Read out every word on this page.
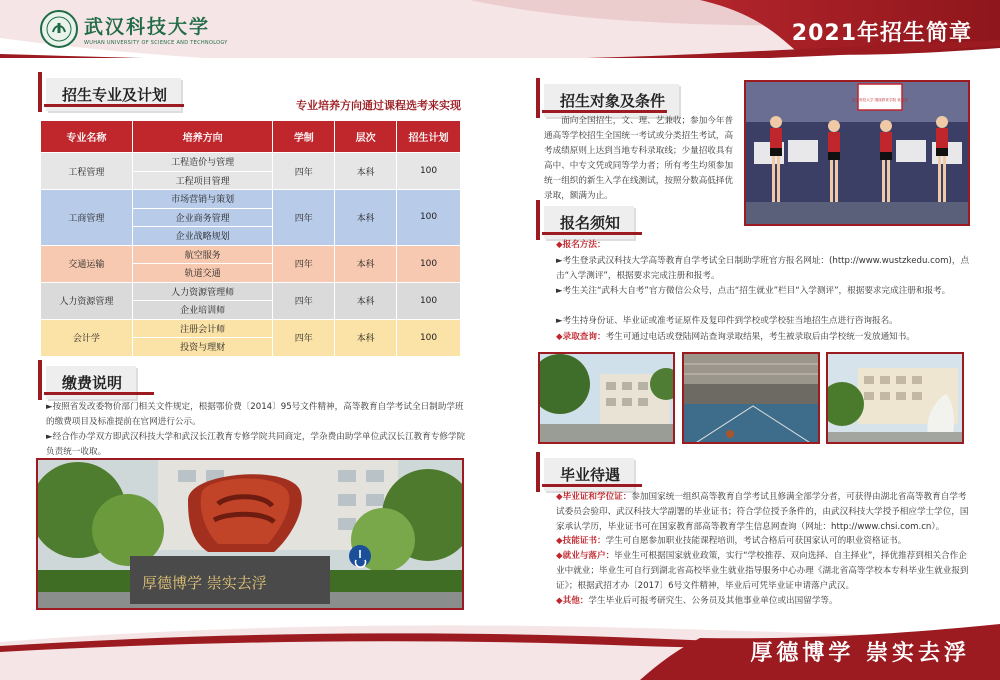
武汉科技大学
WUHAN UNIVERSITY OF SCIENCE AND TECHNOLOGY	2021年招生简章
招生专业及计划
专业培养方向通过课程选考来实现
专业名称	培养方向	学制	层次	招生计划
工程管理	工程造价与管理	四年	本科	100
	工程项目管理			
工商管理	市场营销与策划	四年	本科	100
	企业商务管理			
	企业战略规划			
交通运输	航空服务	四年	本科	100
	轨道交通			
人力资源管理	人力资源管理师	四年	本科	100
	企业培训师			
会计学	注册会计师	四年	本科	100
	投资与理财			
缴费说明
►按照省发改委物价部门相关文件规定，根据鄂价费〔2014〕95号文件精神，高等教育自学考试全日制助学班的缴费项目及标准提前在官网进行公示。
►经合作办学双方即武汉科技大学和武汉长江教育专修学院共同商定，学杂费由助学单位武汉长江教育专修学院负责统一收取。
厚德博学 崇实去浮
招生对象及条件
面向全国招生，文、理、艺兼收；参加今年普通高等学校招生全国统一考试或分类招生考试，高考成绩原则上达到当地专科录取线；少量招收具有高中、中专文凭或同等学力者；所有考生均须参加统一组织的新生入学在线测试，按照分数高低择优录取，额满为止。
武汉科技大学 继续教育学院 欢迎您
报名须知
◆报名方法：
►考生登录武汉科技大学高等教育自学考试全日制助学班官方报名网址：(http://www.wustzkedu.com)，点击“入学测评”，根据要求完成注册和报考。
►考生关注“武科大自考”官方微信公众号，点击“招生就业”栏目“入学测评”，根据要求完成注册和报考。
►考生持身份证、毕业证或准考证原件及复印件到学校或学校驻当地招生点进行咨询报名。
◆录取查询：考生可通过电话或登陆网站查询录取结果，考生被录取后由学校统一发放通知书。
毕业待遇
◆毕业证和学位证：参加国家统一组织高等教育自学考试且修满全部学分者，可获得由湖北省高等教育自学考试委员会验印、武汉科技大学副署的毕业证书；符合学位授予条件的，由武汉科技大学授予相应学士学位，国家承认学历，毕业证书可在国家教育部高等教育学生信息网查询（网址：http://www.chsi.com.cn）。
◆技能证书：学生可自愿参加职业技能课程培训，考试合格后可获国家认可的职业资格证书。
◆就业与落户：毕业生可根据国家就业政策，实行“学校推荐、双向选择、自主择业”，择优推荐到相关合作企业中就业；毕业生可自行到湖北省高校毕业生就业指导服务中心办理《湖北省高等学校本专科毕业生就业报到证》；根据武招才办〔2017〕6号文件精神，毕业后可凭毕业证申请落户武汉。
◆其他：学生毕业后可报考研究生、公务员及其他事业单位或出国留学等。
厚德博学 崇实去浮
